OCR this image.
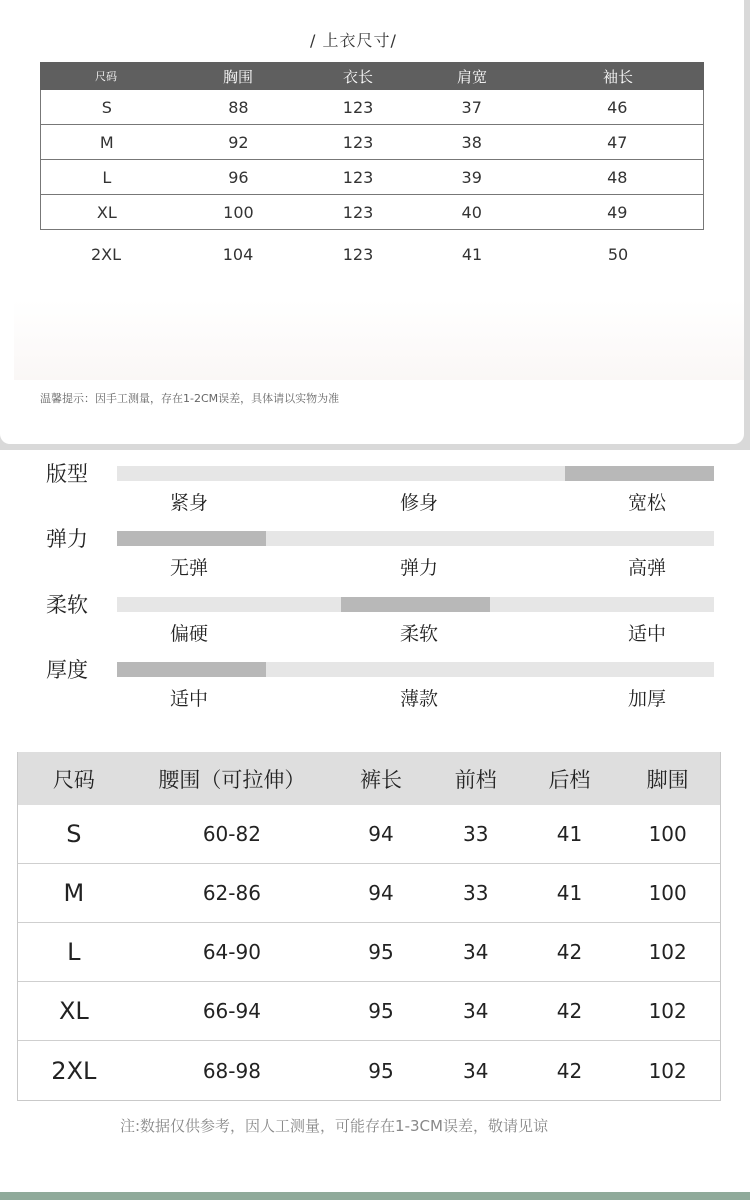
/ 上衣尺寸/
尺码	胸围	衣长	肩宽	袖长
S	88	123	37	46
M	92	123	38	47
L	96	123	39	48
XL	100	123	40	49
2XL	104	123	41	50
温馨提示：因手工测量，存在1-2CM误差，具体请以实物为准
版型
紧身	修身	宽松
弹力
无弹	弹力	高弹
柔软
偏硬	柔软	适中
厚度
适中	薄款	加厚
尺码	腰围（可拉伸）	裤长	前档	后档	脚围
S	60-82	94	33	41	100
M	62-86	94	33	41	100
L	64-90	95	34	42	102
XL	66-94	95	34	42	102
2XL	68-98	95	34	42	102
注:数据仅供参考，因人工测量，可能存在1-3CM误差，敬请见谅
